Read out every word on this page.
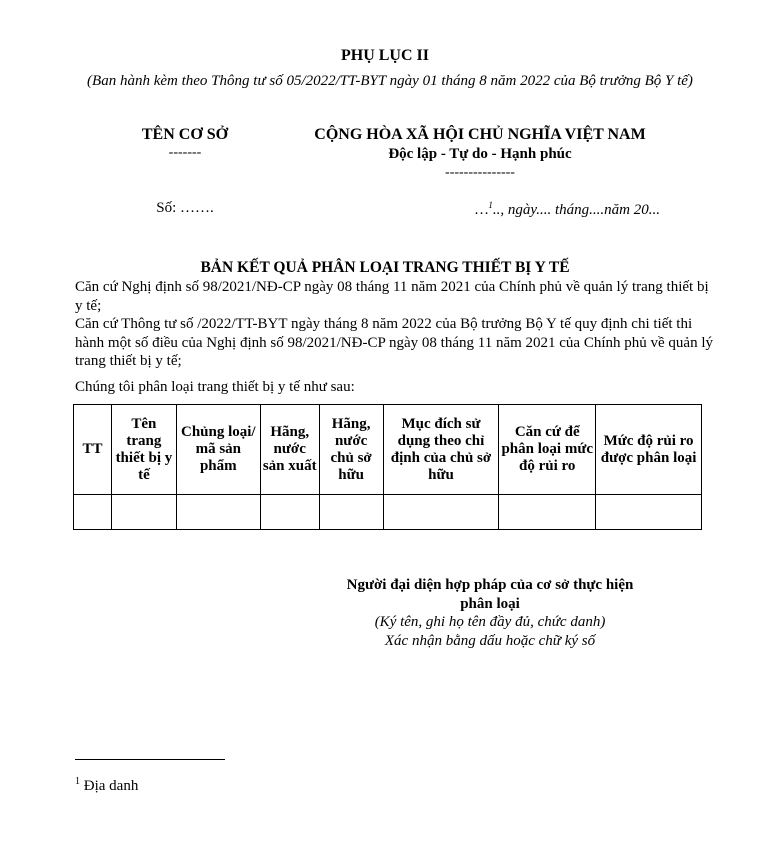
PHỤ LỤC II
(Ban hành kèm theo Thông tư số 05/2022/TT-BYT ngày 01 tháng 8 năm 2022 của Bộ trưởng Bộ Y tế)
TÊN CƠ SỞ
-------
CỘNG HÒA XÃ HỘI CHỦ NGHĨA VIỆT NAM
Độc lập - Tự do - Hạnh phúc
---------------
Số: …….	…$^1$.., ngày.... tháng....năm 20...
BẢN KẾT QUẢ PHÂN LOẠI TRANG THIẾT BỊ Y TẾ
Căn cứ Nghị định số 98/2021/NĐ-CP ngày 08 tháng 11 năm 2021 của Chính phủ về quản lý trang thiết bị y tế;
Căn cứ Thông tư số /2022/TT-BYT ngày tháng 8 năm 2022 của Bộ trưởng Bộ Y tế quy định chi tiết thi hành một số điều của Nghị định số 98/2021/NĐ-CP ngày 08 tháng 11 năm 2021 của Chính phủ về quản lý trang thiết bị y tế;
Chúng tôi phân loại trang thiết bị y tế như sau:
TT	Tên trang thiết bị y tế	Chủng loại/ mã sản phẩm	Hãng, nước sản xuất	Hãng, nước chủ sở hữu	Mục đích sử dụng theo chỉ định của chủ sở hữu	Căn cứ để phân loại mức độ rủi ro	Mức độ rủi ro được phân loại

Người đại diện hợp pháp của cơ sở thực hiện phân loại
(Ký tên, ghi họ tên đầy đủ, chức danh)
Xác nhận bằng dấu hoặc chữ ký số
$^1$ Địa danh
